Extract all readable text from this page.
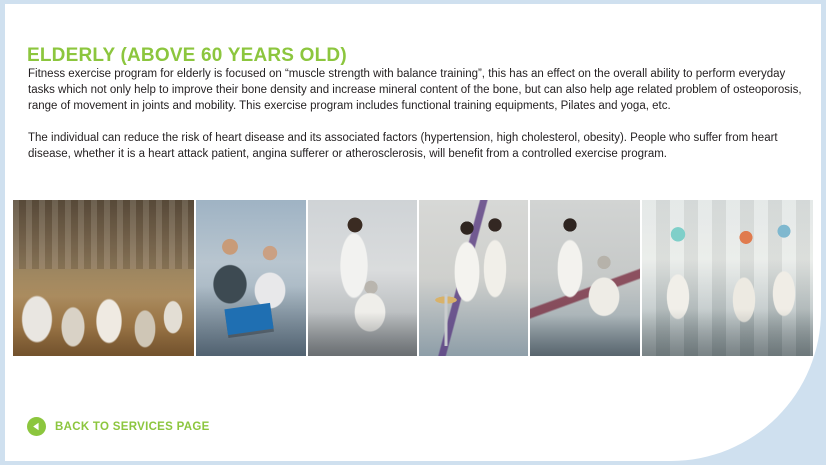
ELDERLY (ABOVE 60 YEARS OLD)

Fitness exercise program for elderly is focused on “muscle strength with balance training”, this has an effect on the overall ability to perform everyday tasks which not only help to improve their bone density and increase mineral content of the bone, but can also help age related problem of osteoporosis, range of movement in joints and mobility. This exercise program includes functional training equipments, Pilates and yoga, etc.

The individual can reduce the risk of heart disease and its associated factors (hypertension, high cholesterol, obesity). People who suffer from heart disease, whether it is a heart attack patient, angina sufferer or atherosclerosis, will benefit from a controlled exercise program.

BACK TO SERVICES PAGE
